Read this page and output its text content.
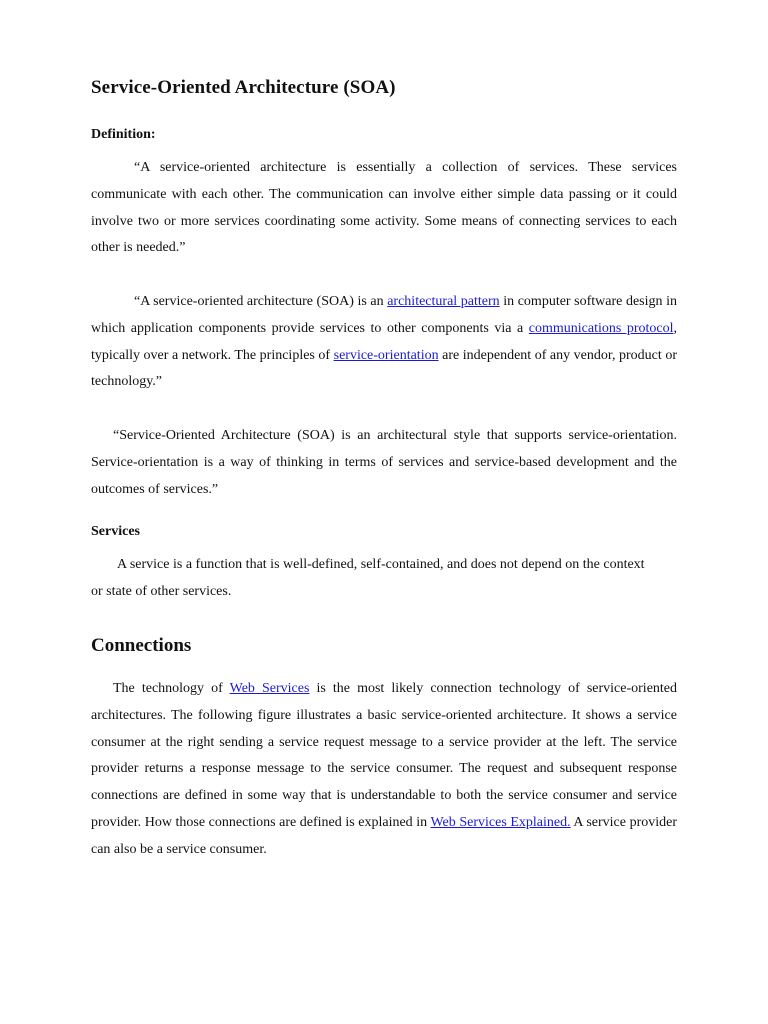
Service-Oriented Architecture (SOA)
Definition:

“A service-oriented architecture is essentially a collection of services. These services communicate with each other. The communication can involve either simple data passing or it could involve two or more services coordinating some activity. Some means of connecting services to each other is needed.”

“A service-oriented architecture (SOA) is an architectural pattern in computer software design in which application components provide services to other components via a communications protocol, typically over a network. The principles of service-orientation are independent of any vendor, product or technology.”

“Service-Oriented Architecture (SOA) is an architectural style that supports service-orientation. Service-orientation is a way of thinking in terms of services and service-based development and the outcomes of services.”

Services

A service is a function that is well-defined, self-contained, and does not depend on the context or state of other services.

Connections

The technology of Web Services is the most likely connection technology of service-oriented architectures. The following figure illustrates a basic service-oriented architecture. It shows a service consumer at the right sending a service request message to a service provider at the left. The service provider returns a response message to the service consumer. The request and subsequent response connections are defined in some way that is understandable to both the service consumer and service provider. How those connections are defined is explained in Web Services Explained. A service provider can also be a service consumer.
